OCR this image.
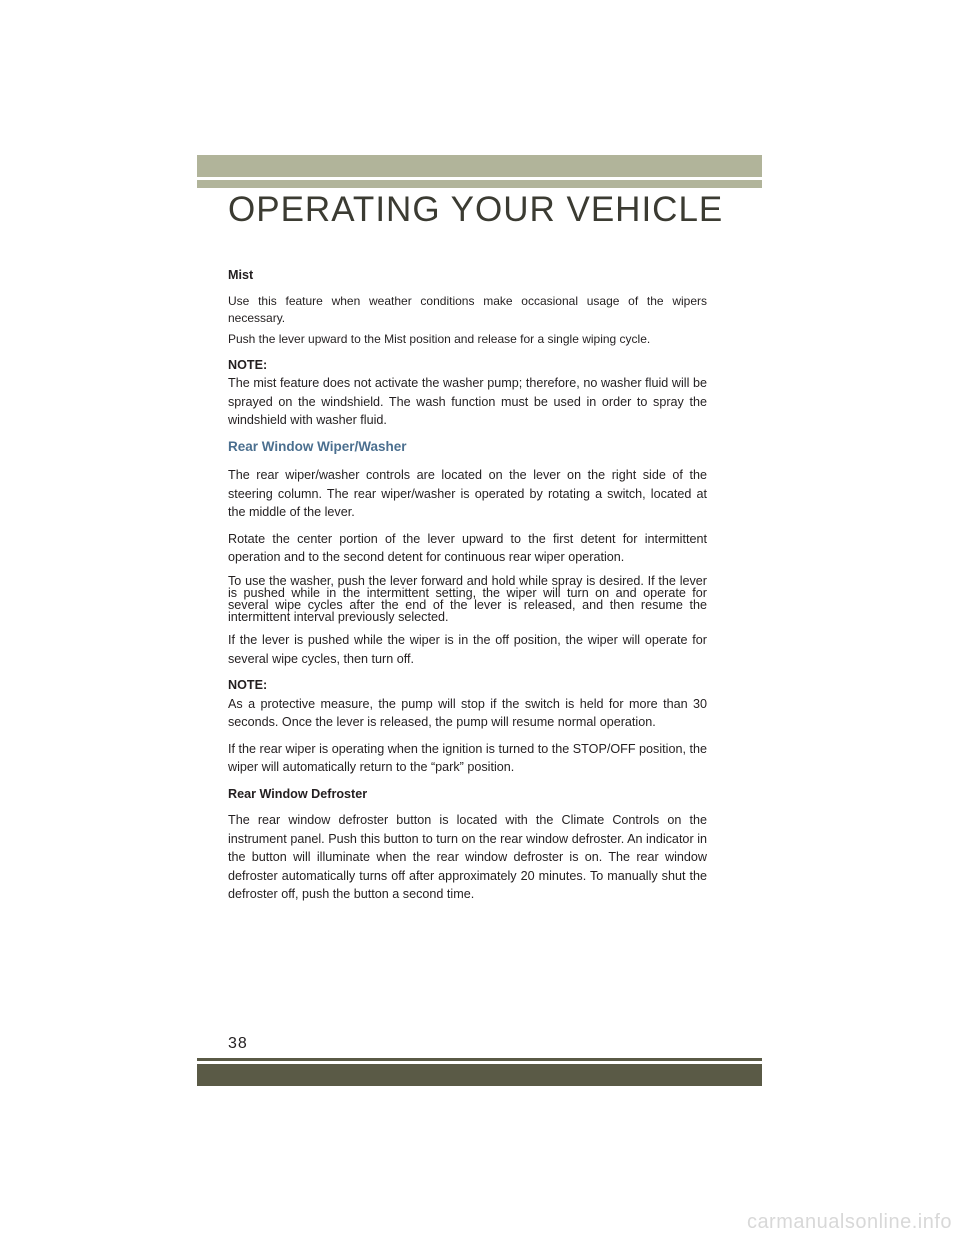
OPERATING YOUR VEHICLE
Mist

Use this feature when weather conditions make occasional usage of the wipers necessary.

Push the lever upward to the Mist position and release for a single wiping cycle.

NOTE:

The mist feature does not activate the washer pump; therefore, no washer fluid will be sprayed on the windshield. The wash function must be used in order to spray the windshield with washer fluid.

Rear Window Wiper/Washer

The rear wiper/washer controls are located on the lever on the right side of the steering column. The rear wiper/washer is operated by rotating a switch, located at the middle of the lever.

Rotate the center portion of the lever upward to the first detent for intermittent operation and to the second detent for continuous rear wiper operation.

To use the washer, push the lever forward and hold while spray is desired. If the lever is pushed while in the intermittent setting, the wiper will turn on and operate for several wipe cycles after the end of the lever is released, and then resume the intermittent interval previously selected.

If the lever is pushed while the wiper is in the off position, the wiper will operate for several wipe cycles, then turn off.

NOTE:

As a protective measure, the pump will stop if the switch is held for more than 30 seconds. Once the lever is released, the pump will resume normal operation.

If the rear wiper is operating when the ignition is turned to the STOP/OFF position, the wiper will automatically return to the “park” position.

Rear Window Defroster

The rear window defroster button is located with the Climate Controls on the instrument panel. Push this button to turn on the rear window defroster. An indicator in the button will illuminate when the rear window defroster is on. The rear window defroster automatically turns off after approximately 20 minutes. To manually shut the defroster off, push the button a second time.

38
carmanualsonline.info
